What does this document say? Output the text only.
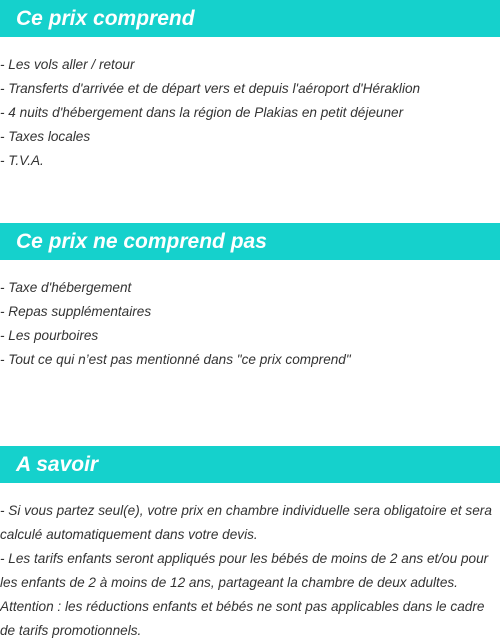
Ce prix comprend
- Les vols aller / retour
- Transferts d'arrivée et de départ vers et depuis l'aéroport d'Héraklion
- 4 nuits d'hébergement dans la région de Plakias en petit déjeuner
- Taxes locales
- T.V.A.
Ce prix ne comprend pas
- Taxe d'hébergement
- Repas supplémentaires
- Les pourboires
- Tout ce qui n’est pas mentionné dans "ce prix comprend"
A savoir
- Si vous partez seul(e), votre prix en chambre individuelle sera obligatoire et sera calculé automatiquement dans votre devis.
- Les tarifs enfants seront appliqués pour les bébés de moins de 2 ans et/ou pour les enfants de 2 à moins de 12 ans, partageant la chambre de deux adultes.
Attention : les réductions enfants et bébés ne sont pas applicables dans le cadre de tarifs promotionnels.
